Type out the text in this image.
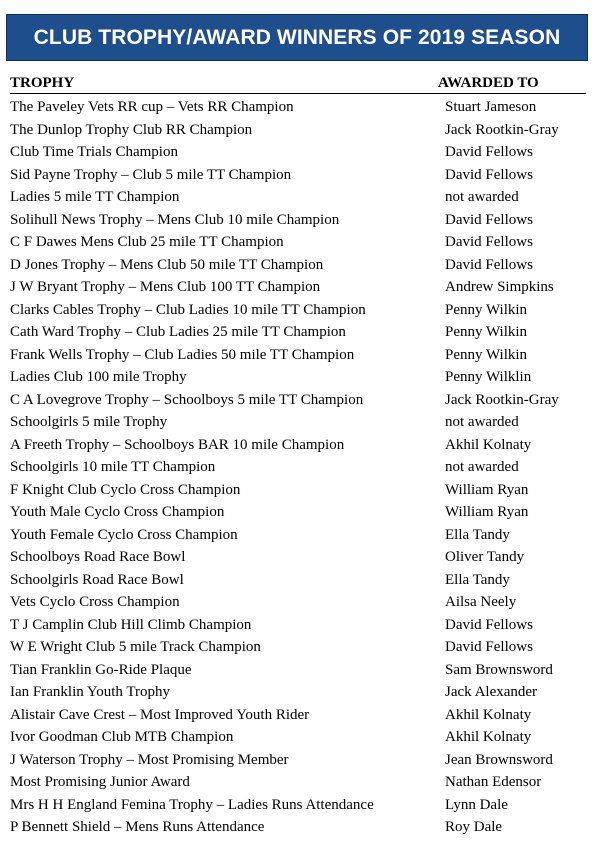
CLUB TROPHY/AWARD WINNERS OF 2019 SEASON
TROPHY	AWARDED TO
The Paveley Vets RR cup – Vets RR Champion	Stuart Jameson
The Dunlop Trophy Club RR Champion	Jack Rootkin-Gray
Club Time Trials Champion	David Fellows
Sid Payne Trophy – Club 5 mile TT Champion	David Fellows
Ladies 5 mile TT Champion	not awarded
Solihull News Trophy – Mens Club 10 mile Champion	David Fellows
C F Dawes Mens Club 25 mile TT Champion	David Fellows
D Jones Trophy – Mens Club 50 mile TT Champion	David Fellows
J W Bryant Trophy – Mens Club 100 TT Champion	Andrew Simpkins
Clarks Cables Trophy – Club Ladies 10 mile TT Champion	Penny Wilkin
Cath Ward Trophy – Club Ladies 25 mile TT Champion	Penny Wilkin
Frank Wells Trophy – Club Ladies 50 mile TT Champion	Penny Wilkin
Ladies Club 100 mile Trophy	Penny Wilklin
C A Lovegrove Trophy – Schoolboys 5 mile TT Champion	Jack Rootkin-Gray
Schoolgirls 5 mile Trophy	not awarded
A Freeth Trophy – Schoolboys BAR 10 mile Champion	Akhil Kolnaty
Schoolgirls 10 mile TT Champion	not awarded
F Knight Club Cyclo Cross Champion	William Ryan
Youth Male Cyclo Cross Champion	William Ryan
Youth Female Cyclo Cross Champion	Ella Tandy
Schoolboys Road Race Bowl	Oliver Tandy
Schoolgirls Road Race Bowl	Ella Tandy
Vets Cyclo Cross Champion	Ailsa Neely
T J Camplin Club Hill Climb Champion	David Fellows
W E Wright Club 5 mile Track Champion	David Fellows
Tian Franklin Go-Ride Plaque	Sam Brownsword
Ian Franklin Youth Trophy	Jack Alexander
Alistair Cave Crest – Most Improved Youth Rider	Akhil Kolnaty
Ivor Goodman Club MTB Champion	Akhil Kolnaty
J Waterson Trophy – Most Promising Member	Jean Brownsword
Most Promising Junior Award	Nathan Edensor
Mrs H H England Femina Trophy – Ladies Runs Attendance	Lynn Dale
P Bennett Shield – Mens Runs Attendance	Roy Dale
